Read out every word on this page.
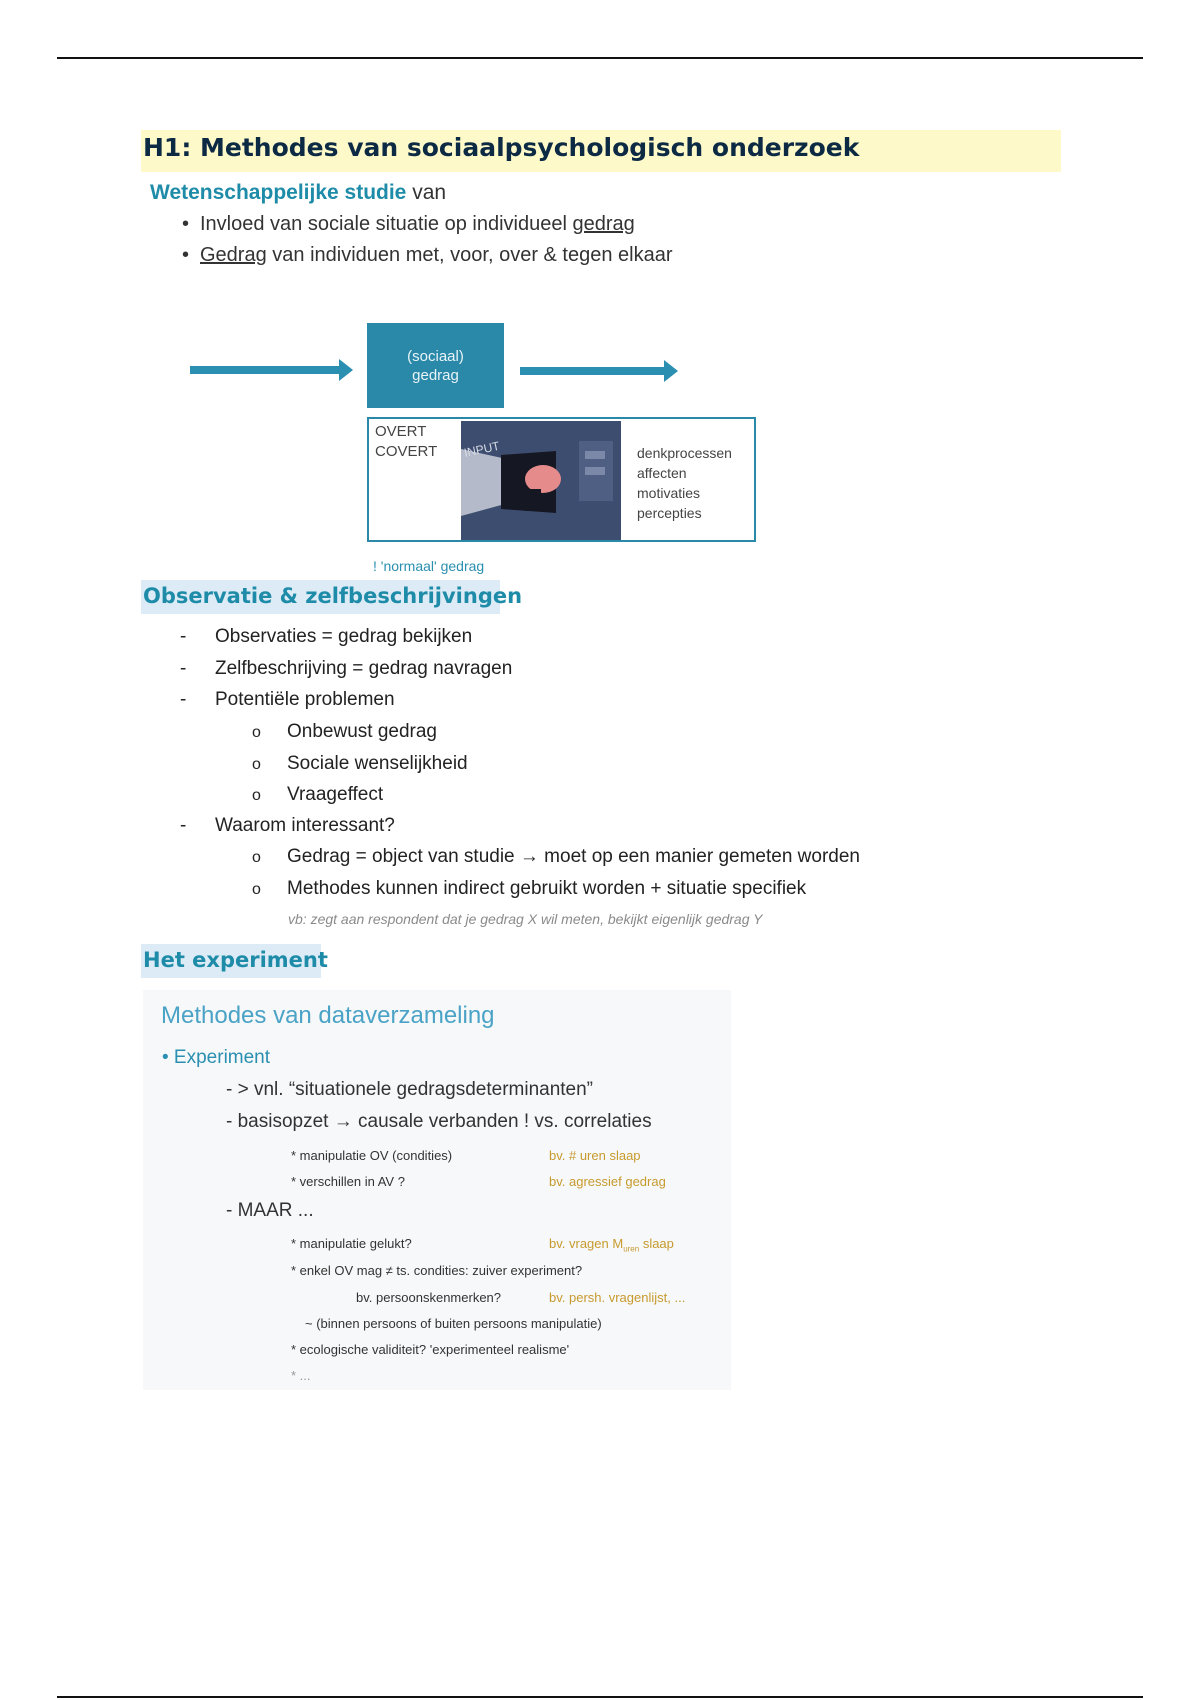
H1: Methodes van sociaalpsychologisch onderzoek
Wetenschappelijke studie van
• Invloed van sociale situatie op individueel gedrag
• Gedrag van individuen met, voor, over & tegen elkaar
(sociaal)
gedrag
OVERT
COVERT INPUT	denkprocessen
affecten
motivaties
percepties
! 'normaal' gedrag
Observatie & zelfbeschrijvingen
- Observaties = gedrag bekijken
- Zelfbeschrijving = gedrag navragen
- Potentiële problemen
o Onbewust gedrag
o Sociale wenselijkheid
o Vraageffect
- Waarom interessant?
o Gedrag = object van studie → moet op een manier gemeten worden
o Methodes kunnen indirect gebruikt worden + situatie specifiek
vb: zegt aan respondent dat je gedrag X wil meten, bekijkt eigenlijk gedrag Y
Het experiment
Methodes van dataverzameling
• Experiment
- > vnl. “situationele gedragsdeterminanten”
- basisopzet → causale verbanden ! vs. correlaties
* manipulatie OV (condities)	bv. # uren slaap
* verschillen in AV ?	bv. agressief gedrag
- MAAR ...
* manipulatie gelukt?	bv. vragen $M_{uren}$ slaap
* enkel OV mag ≠ ts. condities: zuiver experiment?
bv. persoonskenmerken?	bv. persh. vragenlijst, ...
~ (binnen persoons of buiten persoons manipulatie)
* ecologische validiteit? 'experimenteel realisme'
* ...
